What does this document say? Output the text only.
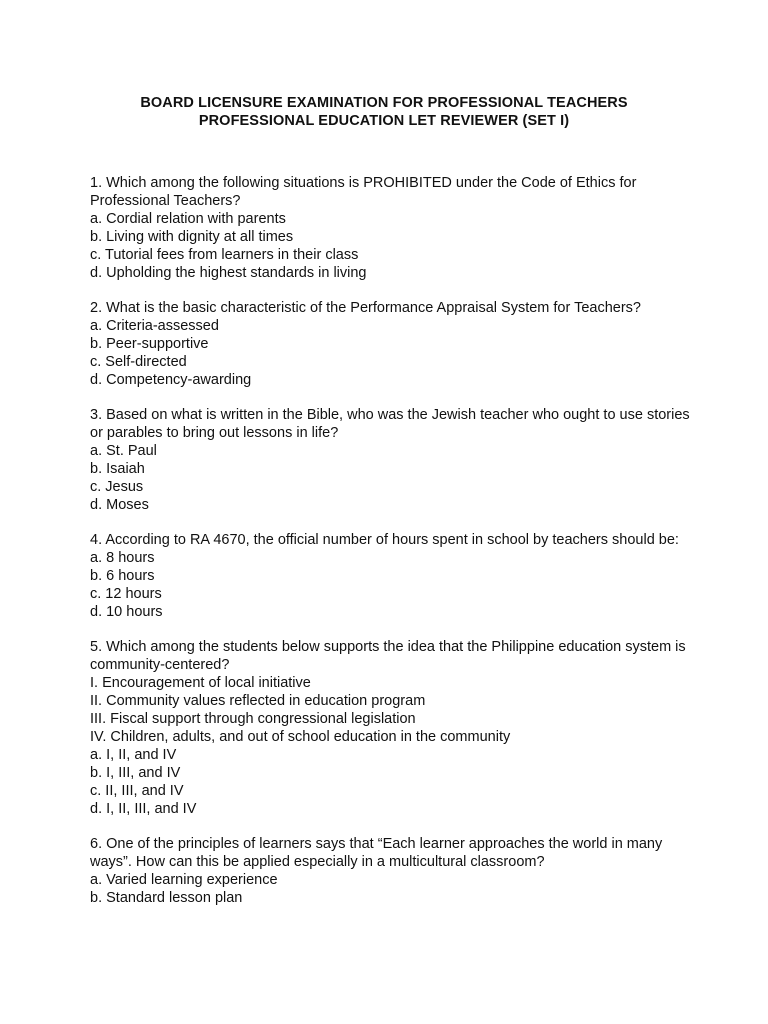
BOARD LICENSURE EXAMINATION FOR PROFESSIONAL TEACHERS
PROFESSIONAL EDUCATION LET REVIEWER (SET I)
1. Which among the following situations is PROHIBITED under the Code of Ethics for Professional Teachers?
a. Cordial relation with parents
b. Living with dignity at all times
c. Tutorial fees from learners in their class
d. Upholding the highest standards in living
2. What is the basic characteristic of the Performance Appraisal System for Teachers?
a. Criteria-assessed
b. Peer-supportive
c. Self-directed
d. Competency-awarding
3. Based on what is written in the Bible, who was the Jewish teacher who ought to use stories or parables to bring out lessons in life?
a. St. Paul
b. Isaiah
c. Jesus
d. Moses
4. According to RA 4670, the official number of hours spent in school by teachers should be:
a. 8 hours
b. 6 hours
c. 12 hours
d. 10 hours
5. Which among the students below supports the idea that the Philippine education system is community-centered?
I. Encouragement of local initiative
II. Community values reflected in education program
III. Fiscal support through congressional legislation
IV. Children, adults, and out of school education in the community
a. I, II, and IV
b. I, III, and IV
c. II, III, and IV
d. I, II, III, and IV
6. One of the principles of learners says that “Each learner approaches the world in many ways”. How can this be applied especially in a multicultural classroom?
a. Varied learning experience
b. Standard lesson plan
